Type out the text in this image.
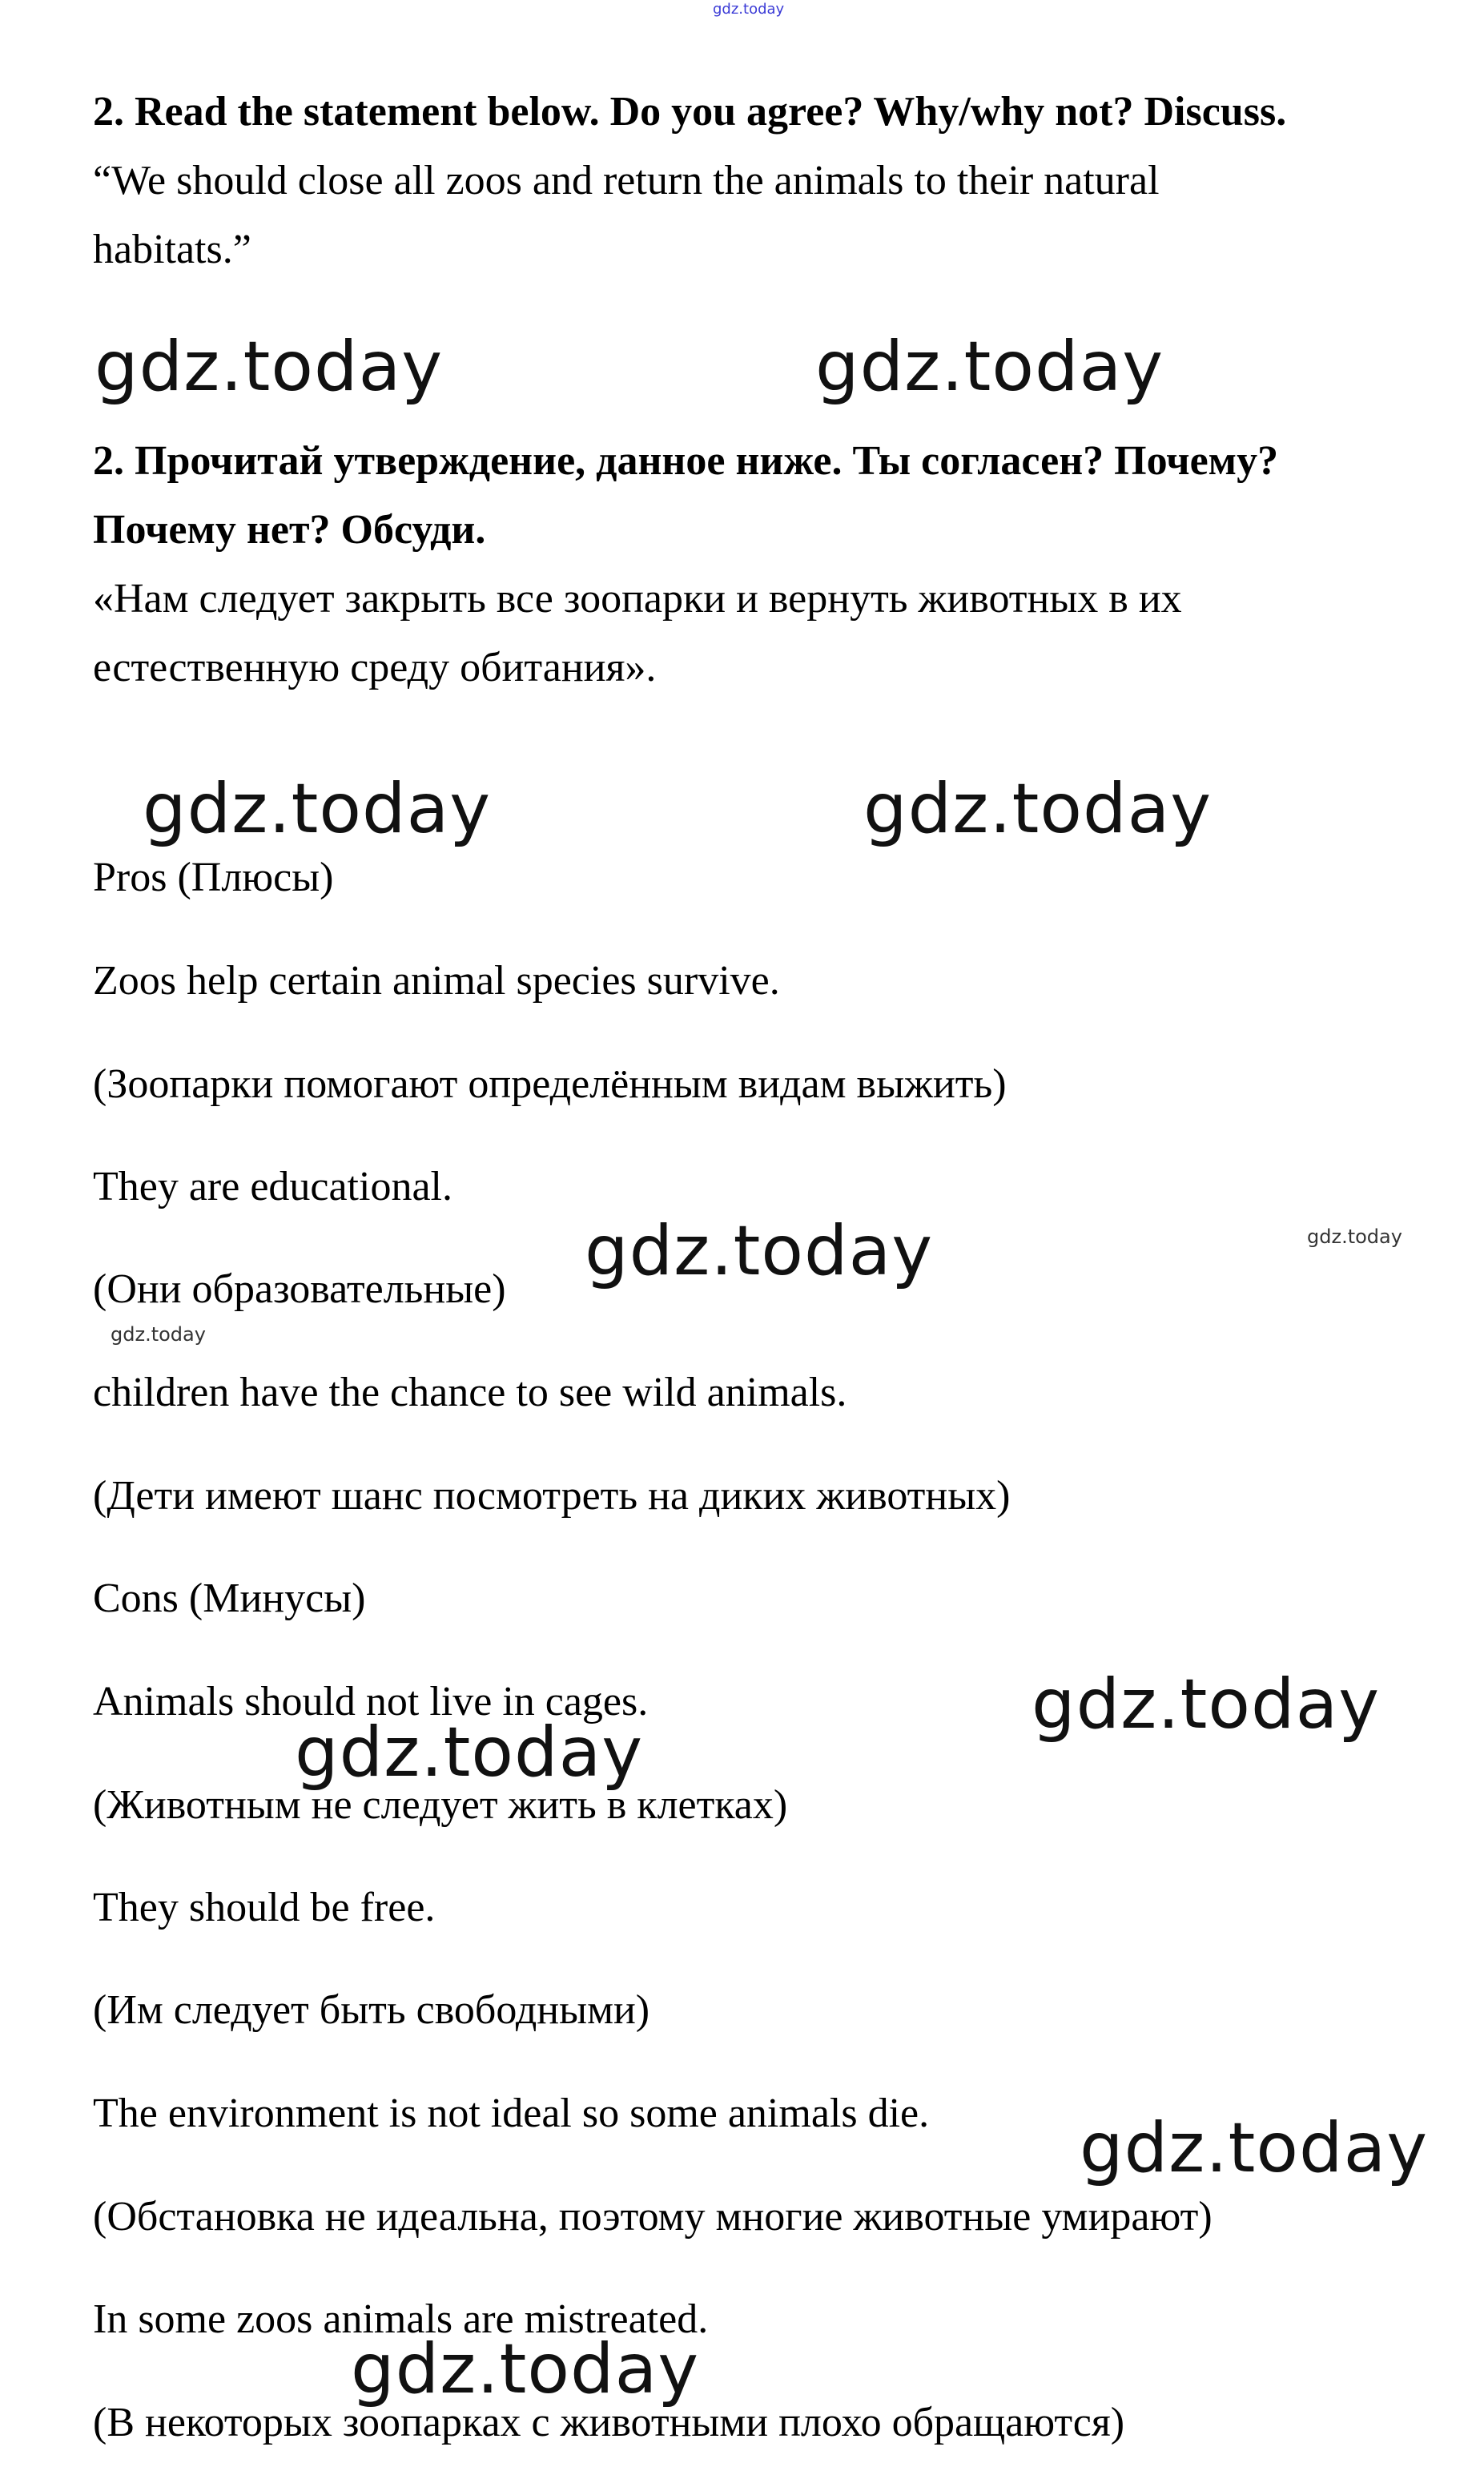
gdz.today
2. Read the statement below. Do you agree? Why/why not? Discuss.
“We should close all zoos and return the animals to their natural
habitats.”
gdz.today	gdz.today
2. Прочитай утверждение, данное ниже. Ты согласен? Почему?
Почему нет? Обсуди.
«Нам следует закрыть все зоопарки и вернуть животных в их
естественную среду обитания».
gdz.today	gdz.today
Pros (Плюсы)
Zoos help certain animal species survive.
(Зоопарки помогают определённым видам выжить)
They are educational.
(Они образовательные)
children have the chance to see wild animals.
(Дети имеют шанс посмотреть на диких животных)
gdz.today	gdz.today
gdz.today
Cons (Минусы)
Animals should not live in cages.
(Животным не следует жить в клетках)
They should be free.
(Им следует быть свободными)
The environment is not ideal so some animals die.
(Обстановка не идеальна, поэтому многие животные умирают)
In some zoos animals are mistreated.
(В некоторых зоопарках с животными плохо обращаются)
gdz.today
gdz.today
gdz.today
gdz.today
